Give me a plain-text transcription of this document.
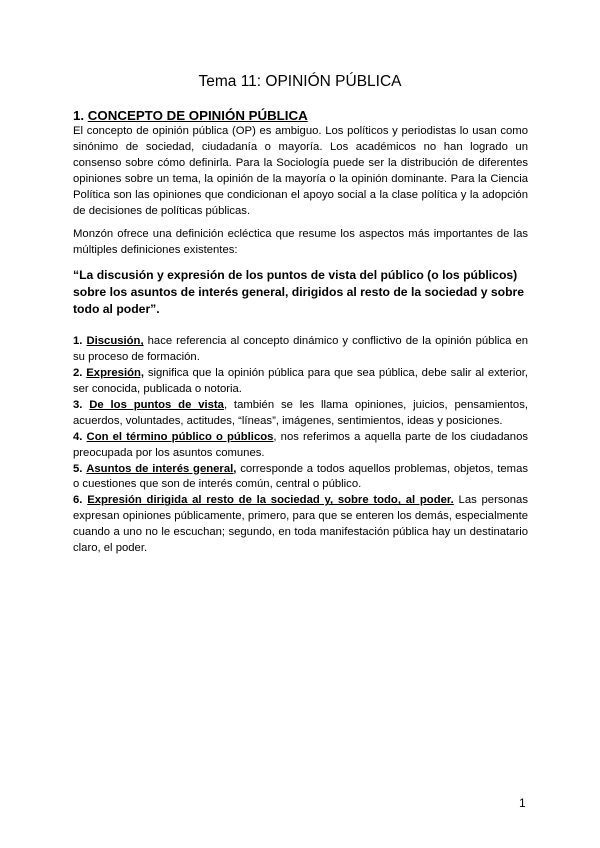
Tema 11: OPINIÓN PÚBLICA
1. CONCEPTO DE OPINIÓN PÚBLICA

El concepto de opinión pública (OP) es ambiguo. Los políticos y periodistas lo usan como sinónimo de sociedad, ciudadanía o mayoría. Los académicos no han logrado un consenso sobre cómo definirla. Para la Sociología puede ser la distribución de diferentes opiniones sobre un tema, la opinión de la mayoría o la opinión dominante. Para la Ciencia Política son las opiniones que condicionan el apoyo social a la clase política y la adopción de decisiones de políticas públicas.

Monzón ofrece una definición ecléctica que resume los aspectos más importantes de las múltiples definiciones existentes:

“La discusión y expresión de los puntos de vista del público (o los públicos) sobre los asuntos de interés general, dirigidos al resto de la sociedad y sobre todo al poder”.

1. Discusión, hace referencia al concepto dinámico y conflictivo de la opinión pública en su proceso de formación.

2. Expresión, significa que la opinión pública para que sea pública, debe salir al exterior, ser conocida, publicada o notoria.

3. De los puntos de vista, también se les llama opiniones, juicios, pensamientos, acuerdos, voluntades, actitudes, “líneas”, imágenes, sentimientos, ideas y posiciones.

4. Con el término público o públicos, nos referimos a aquella parte de los ciudadanos preocupada por los asuntos comunes.

5. Asuntos de interés general, corresponde a todos aquellos problemas, objetos, temas o cuestiones que son de interés común, central o público.

6. Expresión dirigida al resto de la sociedad y, sobre todo, al poder. Las personas expresan opiniones públicamente, primero, para que se enteren los demás, especialmente cuando a uno no le escuchan; segundo, en toda manifestación pública hay un destinatario claro, el poder.

1
